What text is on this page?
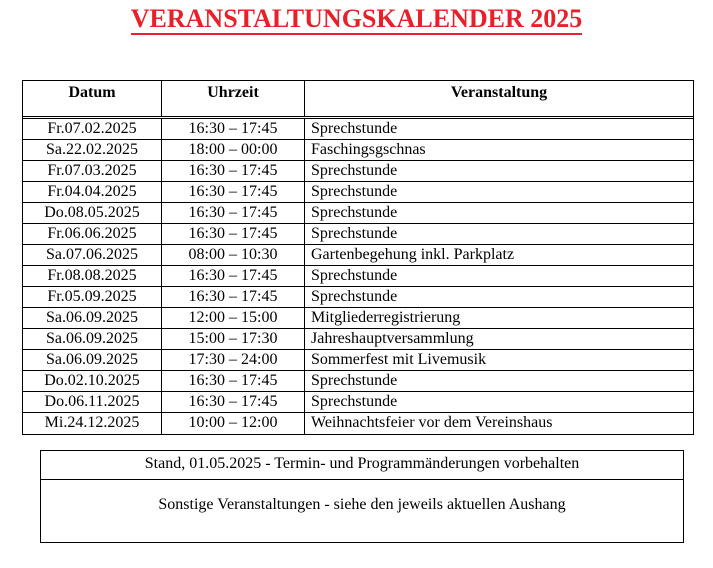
VERANSTALTUNGSKALENDER 2025
Datum	Uhrzeit	Veranstaltung
Fr.07.02.2025	16:30 – 17:45	Sprechstunde
Sa.22.02.2025	18:00 – 00:00	Faschingsgschnas
Fr.07.03.2025	16:30 – 17:45	Sprechstunde
Fr.04.04.2025	16:30 – 17:45	Sprechstunde
Do.08.05.2025	16:30 – 17:45	Sprechstunde
Fr.06.06.2025	16:30 – 17:45	Sprechstunde
Sa.07.06.2025	08:00 – 10:30	Gartenbegehung inkl. Parkplatz
Fr.08.08.2025	16:30 – 17:45	Sprechstunde
Fr.05.09.2025	16:30 – 17:45	Sprechstunde
Sa.06.09.2025	12:00 – 15:00	Mitgliederregistrierung
Sa.06.09.2025	15:00 – 17:30	Jahreshauptversammlung
Sa.06.09.2025	17:30 – 24:00	Sommerfest mit Livemusik
Do.02.10.2025	16:30 – 17:45	Sprechstunde
Do.06.11.2025	16:30 – 17:45	Sprechstunde
Mi.24.12.2025	10:00 – 12:00	Weihnachtsfeier vor dem Vereinshaus
Stand, 01.05.2025 - Termin- und Programmänderungen vorbehalten
Sonstige Veranstaltungen - siehe den jeweils aktuellen Aushang
